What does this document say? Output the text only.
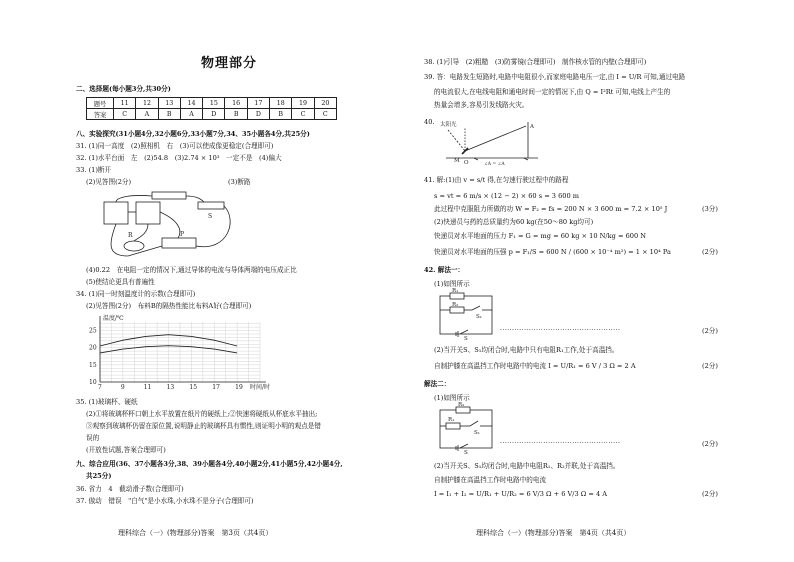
物理部分
二、选择题(每小题3分,共30分)
题号	11	12	13	14	15	16	17	18	19	20
答案	C	A	B	A	D	B	D	B	C	C
八、实验探究(31小题4分,32小题6分,33小题7分,34、35小题各4分,共25分)
31. (1)同一高度　(2)照相机　右　(3)可以使成像更稳定(合理即可)
32. (1)水平台面　左　(2)54.8　(3)2.74 × 10³　一定不是　(4)偏大
33. (1)断开
(2)见答图(2分)	(3)断路
P
R
S
(4)0.22　在电阻一定的情况下,通过导体的电流与导体两端的电压成正比
(5)使结论更具有普遍性
34. (1)同一时刻温度计的示数(合理即可)
(2)见答图(2分)　布料B的隔热性能比布料A好(合理即可)
7	9	11	13	15	17	19
10
15
20
25
温度/℃
时间/时
35. (1)玻璃杯、硬纸
(2)①将玻璃杯杯口朝上水平放置在纸片的硬纸上;②快速将硬纸从杯底水平抽出;
③观察到玻璃杯仍留在原位置,说明静止的玻璃杯具有惯性,则证明小明的观点是错
误的
(开放性试题,答案合理即可)
九、综合应用(36、37小题各3分,38、39小题各4分,40小题2分,41小题5分,42小题4分,
共25分)
36. 省力　4　截动滑子数(合理即可)
37. 傲动　错误　"白气"是小水珠,小水珠不是分子(合理即可)
理科综合（一）(物理部分)答案　第3页（共4页）
38. (1)引导　(2)粗糙　(3)防雾镜(合理即可)　制作核水管的内壁(合理即可)
39. 答：电路发生短路时,电路中电阻很小,而家庭电路电压一定,由 I = U/R 可知,通过电路
的电流很大,在电线电阻和通电时间一定的情况下,由 Q = I²Rt 可知,电线上产生的
热量会增多,容易引发线路火灾。
40. 太阳光	A
M O	∠A = ∠A
41. 解:(1)由 v = s/t 得,在匀速行驶过程中的路程
s = vt = 6 m/s × (12 − 2) × 60 s = 3 600 m
此过程中克服阻力所做的功 W = F₂ = fs = 200 N × 3 600 m = 7.2 × 10⁵ J	(3分)
(2)快递员与药的总质量约为60 kg(在50～80 kg均可)
快递员对水平地面的压力 F₁ = G = mg = 60 kg × 10 N/kg = 600 N
快递员对水平地面的压强 p = F₁/S = 600 N / (600 × 10⁻⁴ m²) = 1 × 10⁴ Pa	(2分)
42. 解法一：
(1)如图所示
R₁
R₂
S₁
S
··················································	(2分)
(2)当开关S、S₁均闭合时,电路中只有电阻R₁工作,处于高温挡。
自制护膝在高温挡工作时电路中的电流 I = U/R₁ = 6 V / 3 Ω = 2 A	(2分)
解法二：
(1)如图所示
R₂
R₁
S₁
S
··················································	(2分)
(2)当开关S、S₁均闭合时,电路中电阻R₁、R₂并联,处于高温挡。
自制护膝在高温挡工作时电路中的电流
I = I₁ + I₂ = U/R₁ + U/R₂ = 6 V/3 Ω + 6 V/3 Ω = 4 A	(2分)
理科综合（一）(物理部分)答案　第4页（共4页）
